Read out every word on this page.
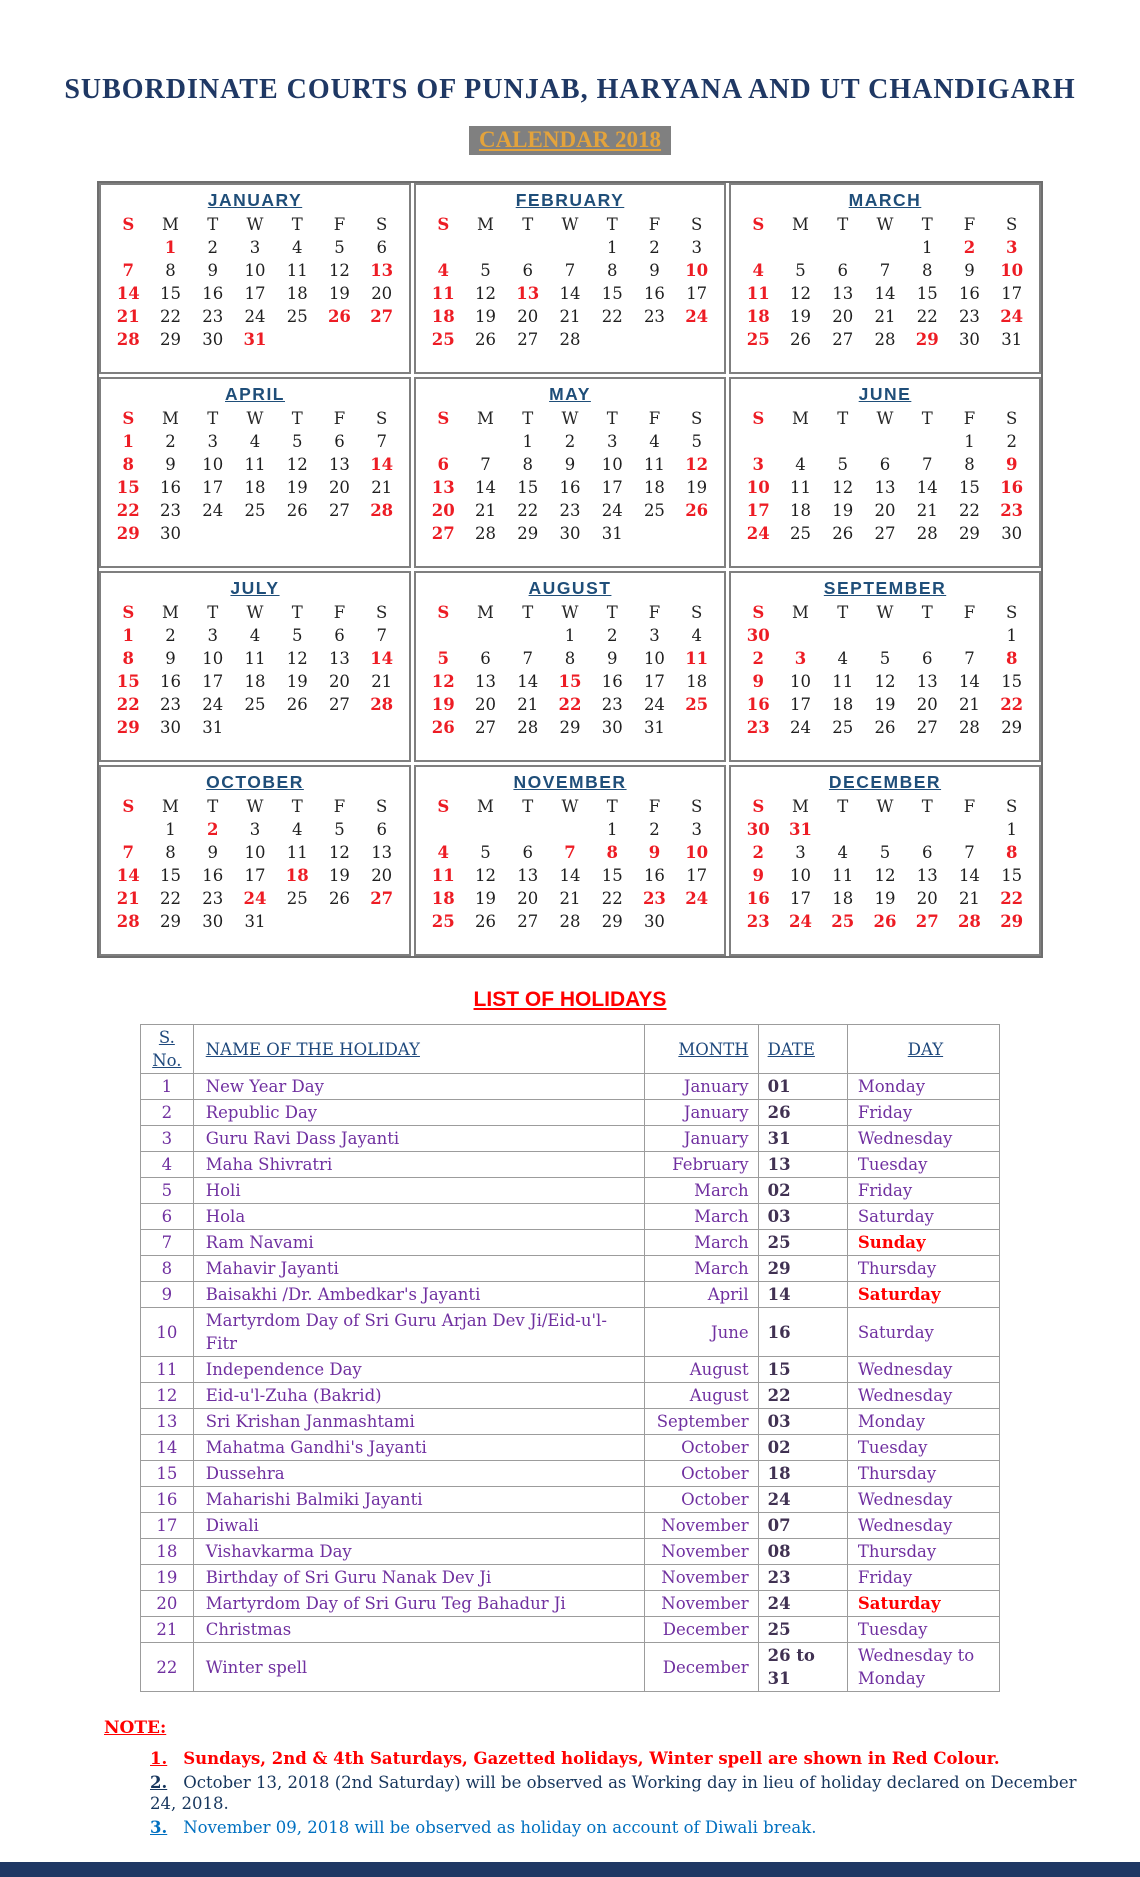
SUBORDINATE COURTS OF PUNJAB, HARYANA AND UT CHANDIGARH
CALENDAR 2018
JANUARY
S	M	T	W	T	F	S
	1	2	3	4	5	6
7	8	9	10	11	12	13
14	15	16	17	18	19	20
21	22	23	24	25	26	27
28	29	30	31			
FEBRUARY
S	M	T	W	T	F	S
				1	2	3
4	5	6	7	8	9	10
11	12	13	14	15	16	17
18	19	20	21	22	23	24
25	26	27	28			
MARCH
S	M	T	W	T	F	S
				1	2	3
4	5	6	7	8	9	10
11	12	13	14	15	16	17
18	19	20	21	22	23	24
25	26	27	28	29	30	31
APRIL
S	M	T	W	T	F	S
1	2	3	4	5	6	7
8	9	10	11	12	13	14
15	16	17	18	19	20	21
22	23	24	25	26	27	28
29	30					
MAY
S	M	T	W	T	F	S
		1	2	3	4	5
6	7	8	9	10	11	12
13	14	15	16	17	18	19
20	21	22	23	24	25	26
27	28	29	30	31		
JUNE
S	M	T	W	T	F	S
					1	2
3	4	5	6	7	8	9
10	11	12	13	14	15	16
17	18	19	20	21	22	23
24	25	26	27	28	29	30
JULY
S	M	T	W	T	F	S
1	2	3	4	5	6	7
8	9	10	11	12	13	14
15	16	17	18	19	20	21
22	23	24	25	26	27	28
29	30	31				
AUGUST
S	M	T	W	T	F	S
			1	2	3	4
5	6	7	8	9	10	11
12	13	14	15	16	17	18
19	20	21	22	23	24	25
26	27	28	29	30	31	
SEPTEMBER
S	M	T	W	T	F	S
30						1
2	3	4	5	6	7	8
9	10	11	12	13	14	15
16	17	18	19	20	21	22
23	24	25	26	27	28	29
OCTOBER
S	M	T	W	T	F	S
	1	2	3	4	5	6
7	8	9	10	11	12	13
14	15	16	17	18	19	20
21	22	23	24	25	26	27
28	29	30	31			
NOVEMBER
S	M	T	W	T	F	S
				1	2	3
4	5	6	7	8	9	10
11	12	13	14	15	16	17
18	19	20	21	22	23	24
25	26	27	28	29	30	
DECEMBER
S	M	T	W	T	F	S
30	31					1
2	3	4	5	6	7	8
9	10	11	12	13	14	15
16	17	18	19	20	21	22
23	24	25	26	27	28	29
LIST OF HOLIDAYS
S. No.	NAME OF THE HOLIDAY	MONTH	DATE	DAY
1	New Year Day	January	01	Monday
2	Republic Day	January	26	Friday
3	Guru Ravi Dass Jayanti	January	31	Wednesday
4	Maha Shivratri	February	13	Tuesday
5	Holi	March	02	Friday
6	Hola	March	03	Saturday
7	Ram Navami	March	25	Sunday
8	Mahavir Jayanti	March	29	Thursday
9	Baisakhi /Dr. Ambedkar's Jayanti	April	14	Saturday
10	Martyrdom Day of Sri Guru Arjan Dev Ji/Eid-u'l-Fitr	June	16	Saturday
11	Independence Day	August	15	Wednesday
12	Eid-u'l-Zuha (Bakrid)	August	22	Wednesday
13	Sri Krishan Janmashtami	September	03	Monday
14	Mahatma Gandhi's Jayanti	October	02	Tuesday
15	Dussehra	October	18	Thursday
16	Maharishi Balmiki Jayanti	October	24	Wednesday
17	Diwali	November	07	Wednesday
18	Vishavkarma Day	November	08	Thursday
19	Birthday of Sri Guru Nanak Dev Ji	November	23	Friday
20	Martyrdom Day of Sri Guru Teg Bahadur Ji	November	24	Saturday
21	Christmas	December	25	Tuesday
22	Winter spell	December	26 to 31	Wednesday to Monday
NOTE:
1. Sundays, 2nd & 4th Saturdays, Gazetted holidays, Winter spell are shown in Red Colour.
2. October 13, 2018 (2nd Saturday) will be observed as Working day in lieu of holiday declared on December 24, 2018.
3. November 09, 2018 will be observed as holiday on account of Diwali break.
